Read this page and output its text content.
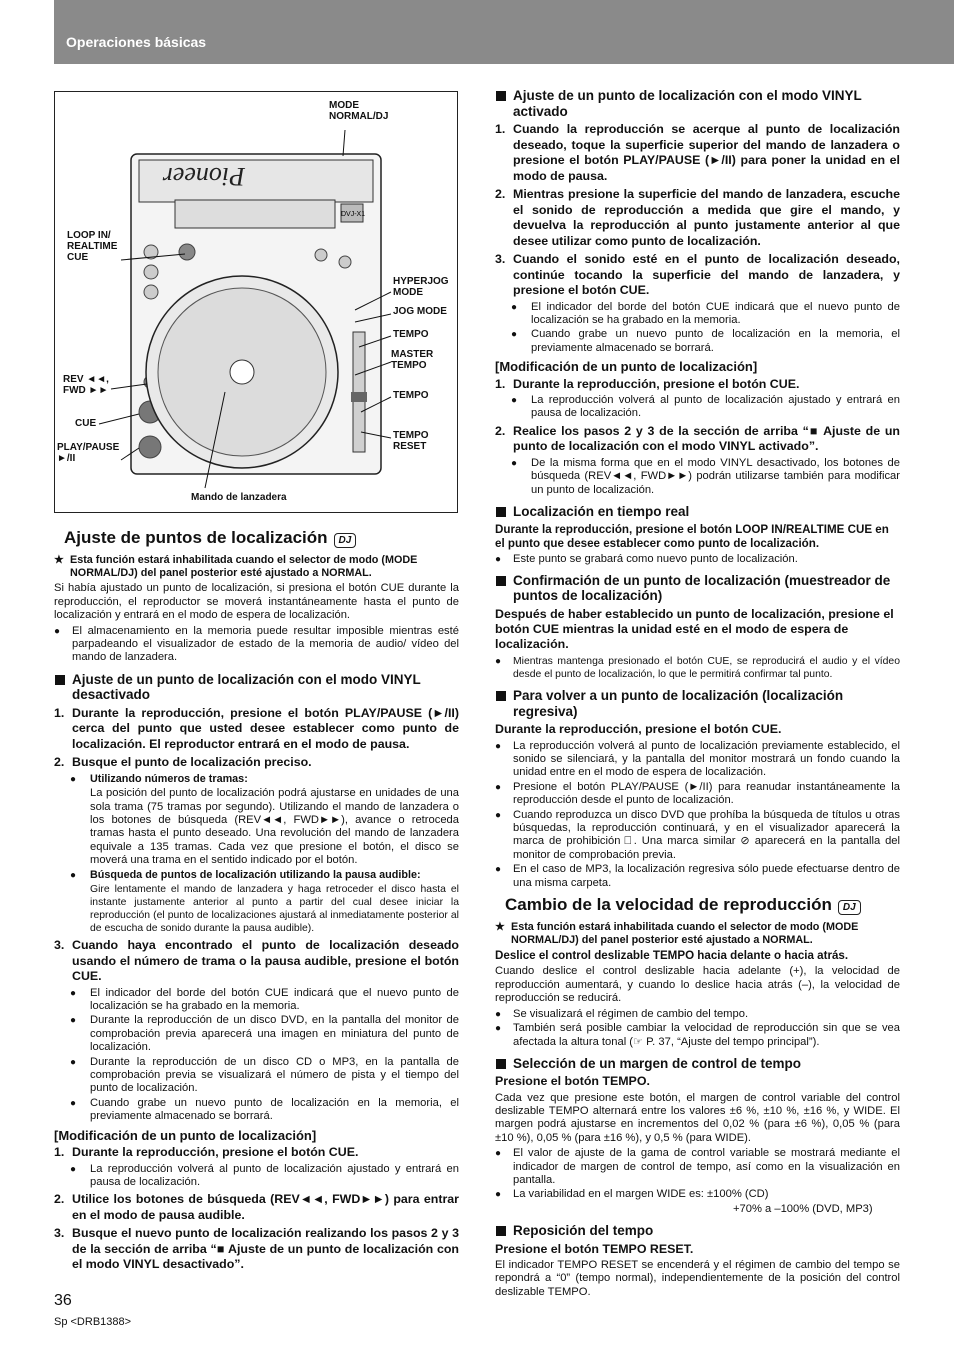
Operaciones básicas
Pioneer
DVJ-X1
MODE
NORMAL/DJ
LOOP IN/
REALTIME
CUE
HYPERJOG
MODE
JOG MODE
TEMPO
MASTER
TEMPO
REV ◄◄,
FWD ►►	TEMPO
CUE
PLAY/PAUSE
►/II
TEMPO
RESET
Mando de lanzadera
Ajuste de puntos de localización DJ
★ Esta función estará inhabilitada cuando el selector de modo (MODE NORMAL/DJ) del panel posterior esté ajustado a NORMAL.

Si había ajustado un punto de localización, si presiona el botón CUE durante la reproducción, el reproductor se moverá instantáneamente hasta el punto de localización y entrará en el modo de espera de localización.

● El almacenamiento en la memoria puede resultar imposible mientras esté parpadeando el visualizador de estado de la memoria de audio/ vídeo del mando de lanzadera.

Ajuste de un punto de localización con el modo VINYL desactivado
1. Durante la reproducción, presione el botón PLAY/PAUSE (►/II) cerca del punto que usted desee establecer como punto de localización. El reproductor entrará en el modo de pausa.
2. Busque el punto de localización preciso.

● Utilizando números de tramas:

La posición del punto de localización podrá ajustarse en unidades de una sola trama (75 tramas por segundo). Utilizando el mando de lanzadera o los botones de búsqueda (REV◄◄, FWD►►), avance o retroceda tramas hasta el punto deseado. Una revolución del mando de lanzadera equivale a 135 tramas. Cada vez que presione el botón, el disco se moverá una trama en el sentido indicado por el botón.

● Búsqueda de puntos de localización utilizando la pausa audible:

Gire lentamente el mando de lanzadera y haga retroceder el disco hasta el instante justamente anterior al punto a partir del cual desee iniciar la reproducción (el punto de localizaciones ajustará al inmediatamente posterior al de escucha de sonido durante la pausa audible).

3. Cuando haya encontrado el punto de localización deseado usando el número de trama o la pausa audible, presione el botón CUE.

● El indicador del borde del botón CUE indicará que el nuevo punto de localización se ha grabado en la memoria.

● Durante la reproducción de un disco DVD, en la pantalla del monitor de comprobación previa aparecerá una imagen en miniatura del punto de localización.

● Durante la reproducción de un disco CD o MP3, en la pantalla de comprobación previa se visualizará el número de pista y el tiempo del punto de localización.

● Cuando grabe un nuevo punto de localización en la memoria, el previamente almacenado se borrará.

[Modificación de un punto de localización]
1. Durante la reproducción, presione el botón CUE.

● La reproducción volverá al punto de localización ajustado y entrará en pausa de localización.

2. Utilice los botones de búsqueda (REV◄◄, FWD►►) para entrar en el modo de pausa audible.
3. Busque el nuevo punto de localización realizando los pasos 2 y 3 de la sección de arriba “■ Ajuste de un punto de localización con el modo VINYL desactivado”.
Ajuste de un punto de localización con el modo VINYL activado
1. Cuando la reproducción se acerque al punto de localización deseado, toque la superficie superior del mando de lanzadera o presione el botón PLAY/PAUSE (►/II) para poner la unidad en el modo de pausa.
2. Mientras presione la superficie del mando de lanzadera, escuche el sonido de reproducción a medida que gire el mando, y devuelva la reproducción al punto justamente anterior al que desee utilizar como punto de localización.
3. Cuando el sonido esté en el punto de localización deseado, continúe tocando la superficie del mando de lanzadera, y presione el botón CUE.

● El indicador del borde del botón CUE indicará que el nuevo punto de localización se ha grabado en la memoria.

● Cuando grabe un nuevo punto de localización en la memoria, el previamente almacenado se borrará.

[Modificación de un punto de localización]
1. Durante la reproducción, presione el botón CUE.

● La reproducción volverá al punto de localización ajustado y entrará en pausa de localización.

2. Realice los pasos 2 y 3 de la sección de arriba “■ Ajuste de un punto de localización con el modo VINYL activado”.

● De la misma forma que en el modo VINYL desactivado, los botones de búsqueda (REV◄◄, FWD►►) podrán utilizarse también para modificar un punto de localización.

Localización en tiempo real

Durante la reproducción, presione el botón LOOP IN/REALTIME CUE en el punto que desee establecer como punto de localización.

● Este punto se grabará como nuevo punto de localización.

Confirmación de un punto de localización (muestreador de puntos de localización)

Después de haber establecido un punto de localización, presione el botón CUE mientras la unidad esté en el modo de espera de localización.

● Mientras mantenga presionado el botón CUE, se reproducirá el audio y el vídeo desde el punto de localización, lo que le permitirá confirmar tal punto.

Para volver a un punto de localización (localización regresiva)

Durante la reproducción, presione el botón CUE.

● La reproducción volverá al punto de localización previamente establecido, el sonido se silenciará, y la pantalla del monitor mostrará un fondo cuando la unidad entre en el modo de espera de localización.

● Presione el botón PLAY/PAUSE (►/II) para reanudar instantáneamente la reproducción desde el punto de localización.

● Cuando reproduzca un disco DVD que prohíba la búsqueda de títulos u otras búsquedas, la reproducción continuará, y en el visualizador aparecerá la marca de prohibición ⃠. Una marca similar ⊘ aparecerá en la pantalla del monitor de comprobación previa.

● En el caso de MP3, la localización regresiva sólo puede efectuarse dentro de una misma carpeta.

Cambio de la velocidad de reproducción DJ
★ Esta función estará inhabilitada cuando el selector de modo (MODE NORMAL/DJ) del panel posterior esté ajustado a NORMAL.

Deslice el control deslizable TEMPO hacia delante o hacia atrás.

Cuando deslice el control deslizable hacia adelante (+), la velocidad de reproducción aumentará, y cuando lo deslice hacia atrás (–), la velocidad de reproducción se reducirá.

● Se visualizará el régimen de cambio del tempo.

● También será posible cambiar la velocidad de reproducción sin que se vea afectada la altura tonal (☞ P. 37, “Ajuste del tempo principal”).

Selección de un margen de control de tempo

Presione el botón TEMPO.

Cada vez que presione este botón, el margen de control variable del control deslizable TEMPO alternará entre los valores ±6 %, ±10 %, ±16 %, y WIDE. El margen podrá ajustarse en incrementos del 0,02 % (para ±6 %), 0,05 % (para ±10 %), 0,05 % (para ±16 %), y 0,5 % (para WIDE).

● El valor de ajuste de la gama de control variable se mostrará mediante el indicador de margen de control de tempo, así como en la visualización en pantalla.

● La variabilidad en el margen WIDE es: ±100% (CD)

+70% a –100% (DVD, MP3)

Reposición del tempo

Presione el botón TEMPO RESET.

El indicador TEMPO RESET se encenderá y el régimen de cambio del tempo se repondrá a “0” (tempo normal), independientemente de la posición del control deslizable TEMPO.

36
Sp <DRB1388>
